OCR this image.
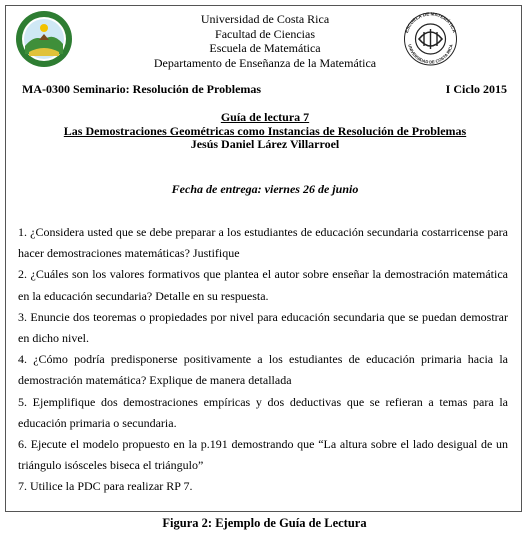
ESCUELA DE MATEMÁTICA
UNIVERSIDAD DE COSTA RICA
Universidad de Costa Rica
Facultad de Ciencias
Escuela de Matemática
Departamento de Enseñanza de la Matemática
MA-0300 Seminario: Resolución de Problemas	I Ciclo 2015
Guía de lectura 7
Las Demostraciones Geométricas como Instancias de Resolución de Problemas
Jesús Daniel Lárez Villarroel
Fecha de entrega: viernes 26 de junio

1. ¿Considera usted que se debe preparar a los estudiantes de educación secundaria costarricense para hacer demostraciones matemáticas? Justifique

2. ¿Cuáles son los valores formativos que plantea el autor sobre enseñar la demostración matemática en la educación secundaria? Detalle en su respuesta.

3. Enuncie dos teoremas o propiedades por nivel para educación secundaria que se puedan demostrar en dicho nivel.

4. ¿Cómo podría predisponerse positivamente a los estudiantes de educación primaria hacia la demostración matemática? Explique de manera detallada

5. Ejemplifique dos demostraciones empíricas y dos deductivas que se refieran a temas para la educación primaria o secundaria.

6. Ejecute el modelo propuesto en la p.191 demostrando que “La altura sobre el lado desigual de un triángulo isósceles biseca el triángulo”

7. Utilice la PDC para realizar RP 7.

Figura 2: Ejemplo de Guía de Lectura
